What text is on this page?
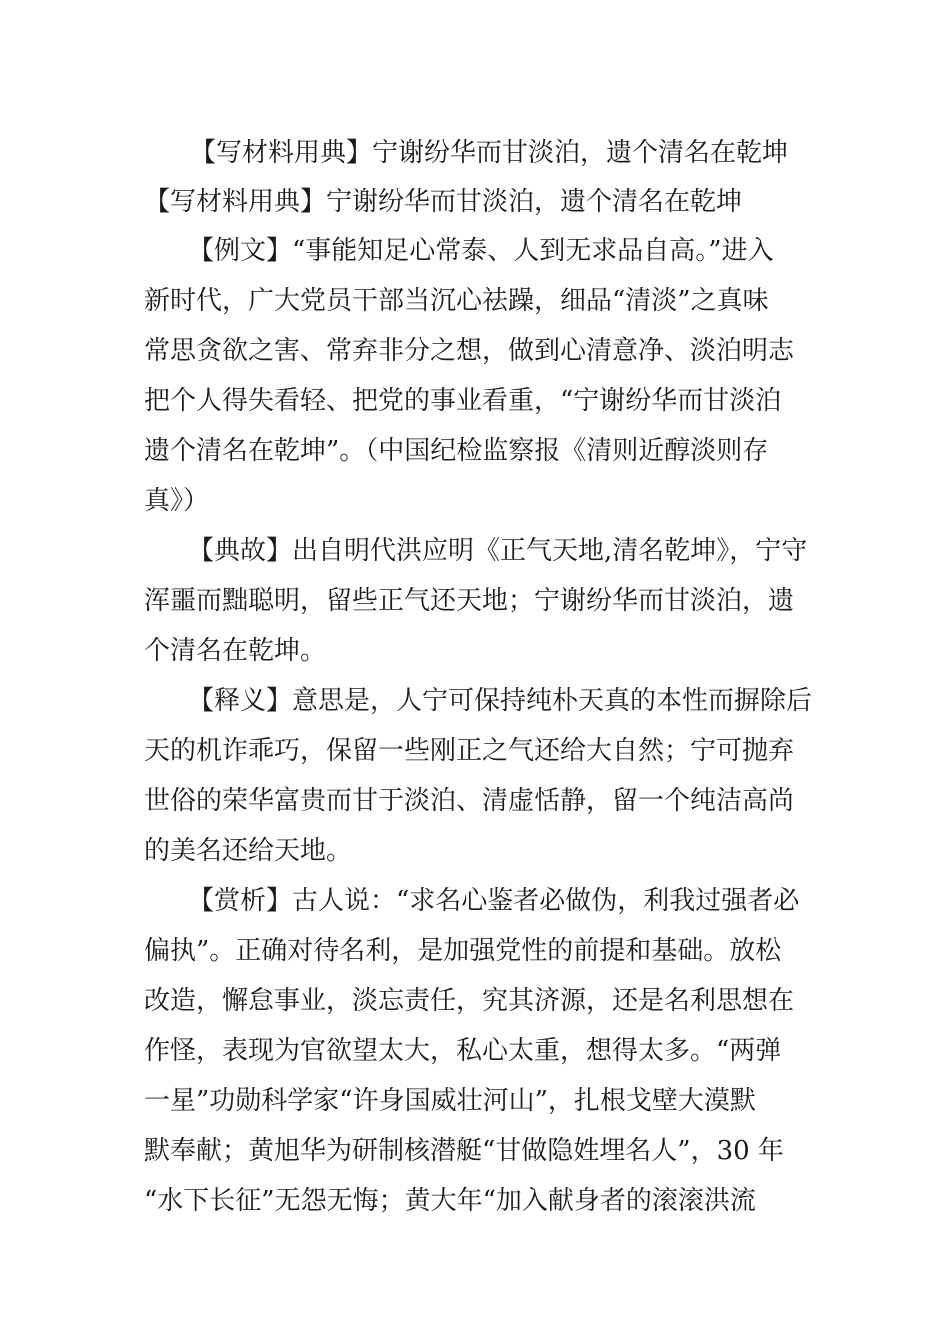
【写材料用典】宁谢纷华而甘淡泊，遗个清名在乾坤
【写材料用典】宁谢纷华而甘淡泊，遗个清名在乾坤
【例文】“事能知足心常泰、人到无求品自高。”进入
新时代，广大党员干部当沉心祛躁，细品“清淡”之真味
常思贪欲之害、常弃非分之想，做到心清意净、淡泊明志
把个人得失看轻、把党的事业看重，“宁谢纷华而甘淡泊
遗个清名在乾坤”。（中国纪检监察报《清则近醇淡则存
真》）
【典故】出自明代洪应明《正气天地,清名乾坤》，宁守
浑噩而黜聪明，留些正气还天地；宁谢纷华而甘淡泊，遗
个清名在乾坤。
【释义】意思是，人宁可保持纯朴天真的本性而摒除后
天的机诈乖巧，保留一些刚正之气还给大自然；宁可抛弃
世俗的荣华富贵而甘于淡泊、清虚恬静，留一个纯洁高尚
的美名还给天地。
【赏析】古人说：“求名心鉴者必做伪，利我过强者必
偏执”。正确对待名利，是加强党性的前提和基础。放松
改造，懈怠事业，淡忘责任，究其济源，还是名利思想在
作怪，表现为官欲望太大，私心太重，想得太多。“两弹
一星”功勋科学家“许身国威壮河山”，扎根戈壁大漠默
默奉献；黄旭华为研制核潜艇“甘做隐姓埋名人”，30 年
“水下长征”无怨无悔；黄大年“加入献身者的滚滚洪流
